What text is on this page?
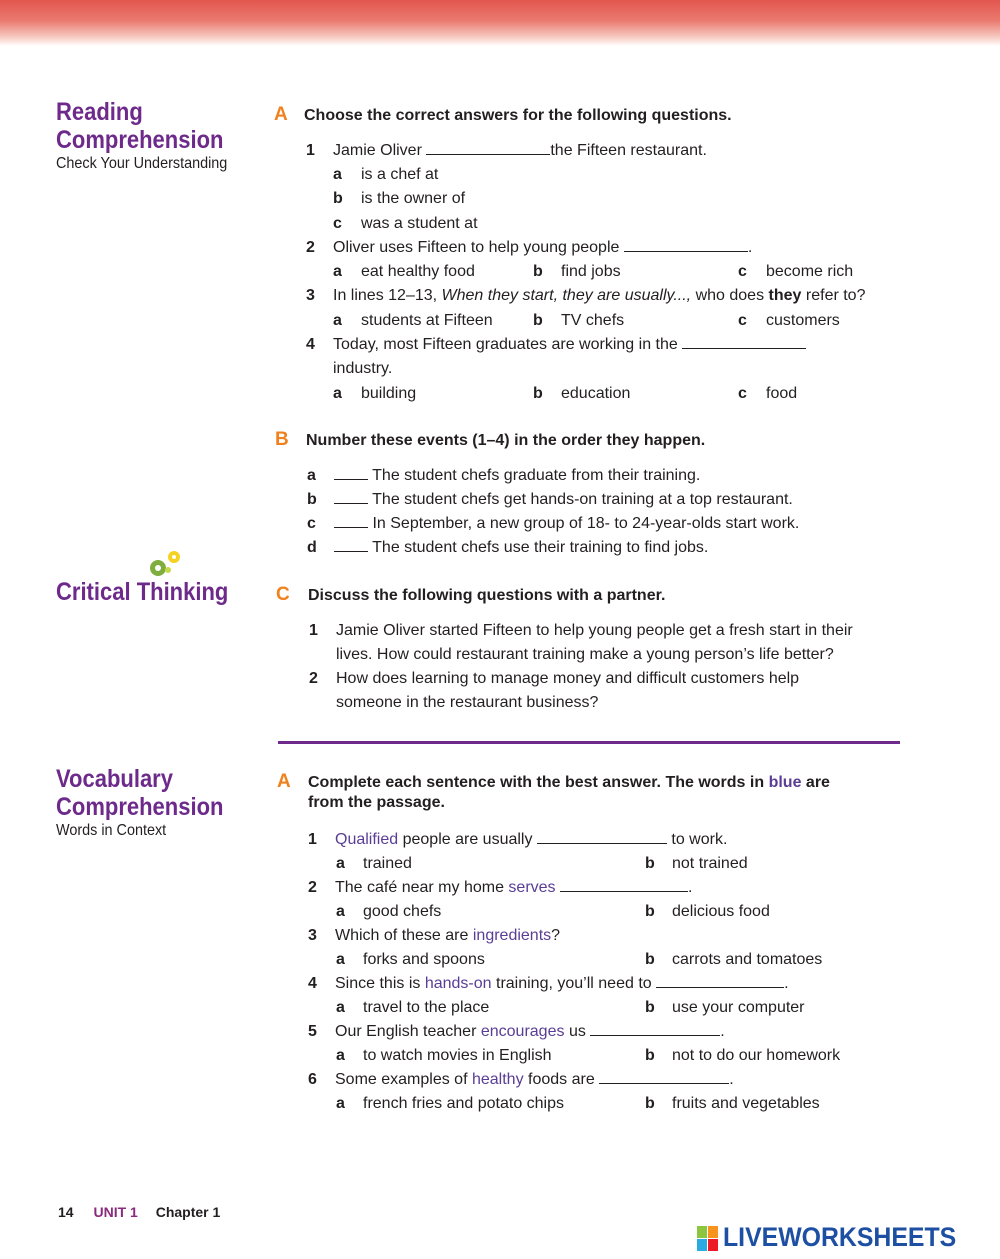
Reading
Comprehension
Check Your Understanding
Critical Thinking
Vocabulary
Comprehension
Words in Context
A Choose the correct answers for the following questions.
1 Jamie Oliver	the Fifteen restaurant.
a is a chef at
b is the owner of
c was a student at
2 Oliver uses Fifteen to help young people	.
a eat healthy food	b find jobs	c become rich
3 In lines 12–13, When they start, they are usually..., who does they refer to?
a students at Fifteen	b TV chefs	c customers
4 Today, most Fifteen graduates are working in the
industry.
a building	b education	c food
B Number these events (1–4) in the order they happen.
a	The student chefs graduate from their training.
b	The student chefs get hands-on training at a top restaurant.
c	In September, a new group of 18- to 24-year-olds start work.
d	The student chefs use their training to find jobs.
C Discuss the following questions with a partner.
1 Jamie Oliver started Fifteen to help young people get a fresh start in their
lives. How could restaurant training make a young person’s life better?
2 How does learning to manage money and difficult customers help
someone in the restaurant business?
A Complete each sentence with the best answer. The words in blue are
from the passage.
1 Qualified people are usually	to work.
a trained	b not trained
2 The café near my home serves	.
a good chefs	b delicious food
3 Which of these are ingredients?
a forks and spoons	b carrots and tomatoes
4 Since this is hands-on training, you’ll need to	.
a travel to the place	b use your computer
5 Our English teacher encourages us	.
a to watch movies in English	b not to do our homework
6 Some examples of healthy foods are	.
a french fries and potato chips	b fruits and vegetables
14 UNIT 1 Chapter 1
LIVEWORKSHEETS
